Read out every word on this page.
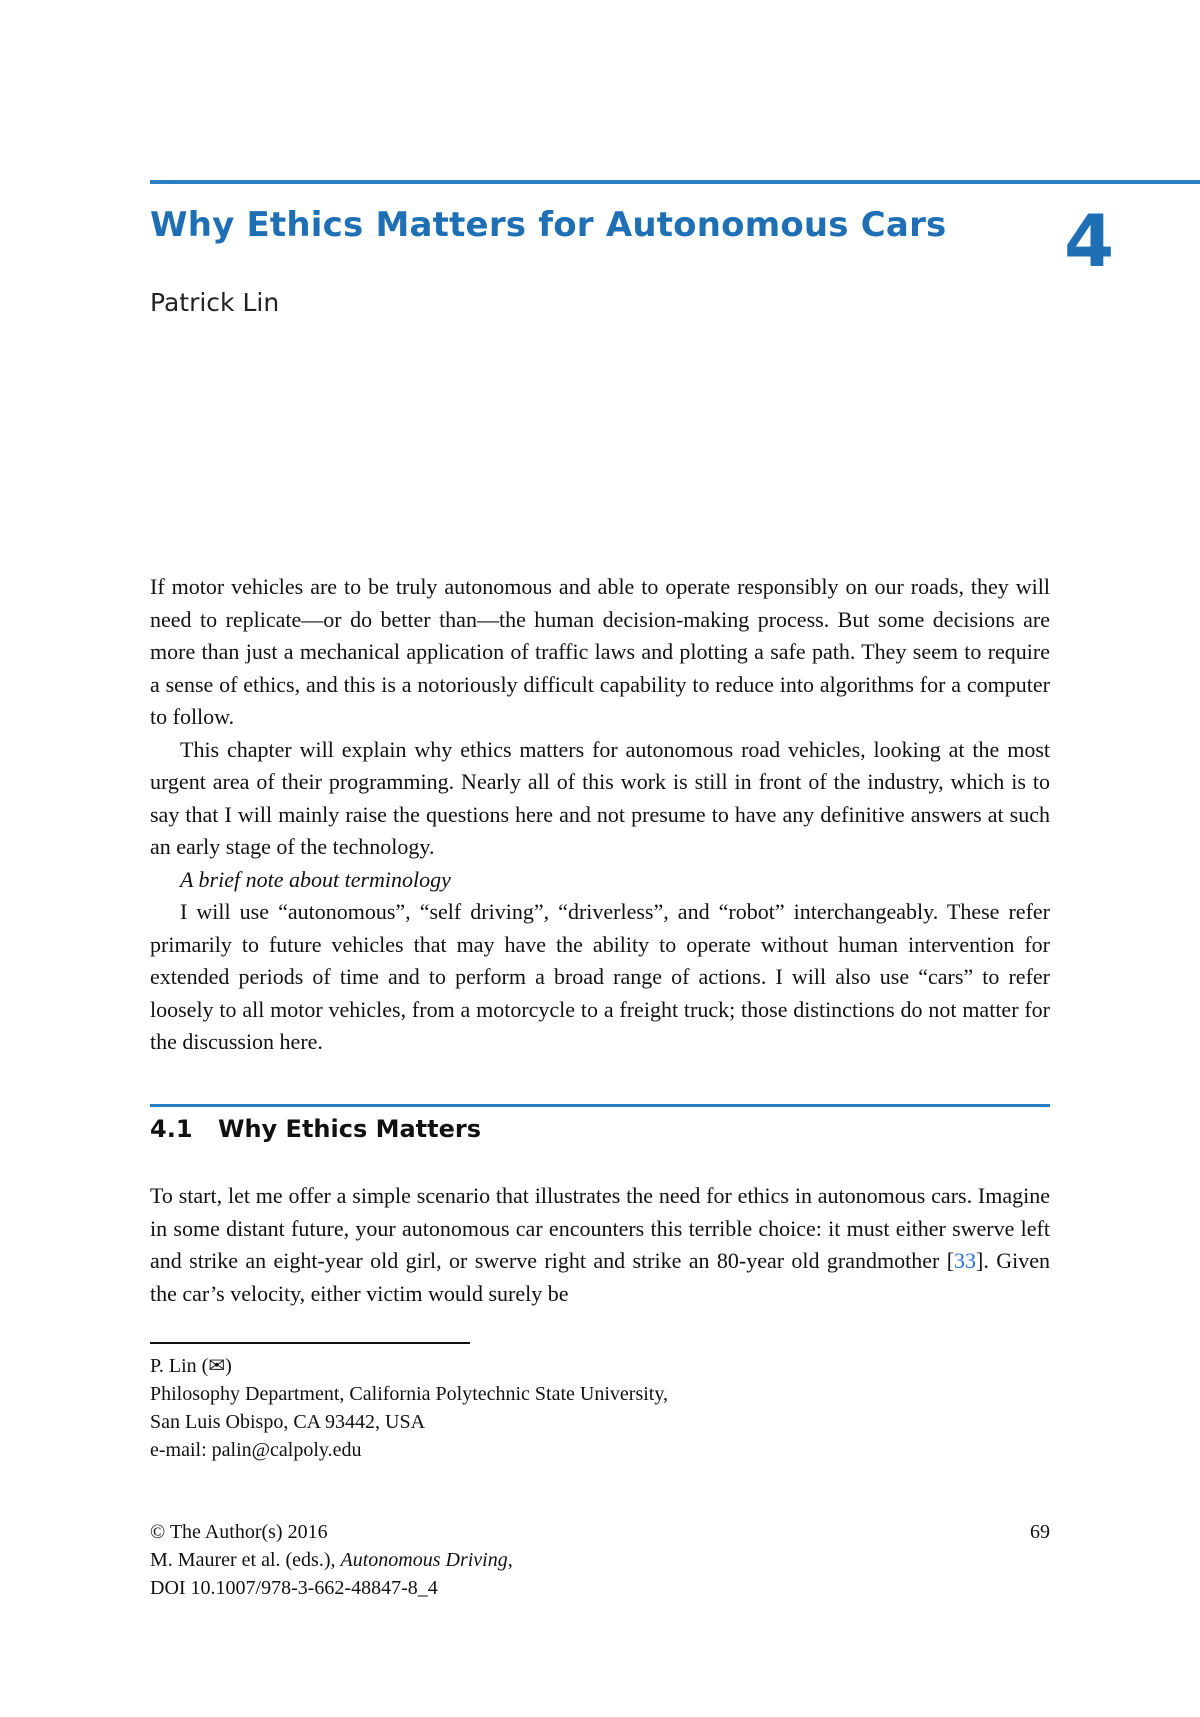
Why Ethics Matters for Autonomous Cars 4
Patrick Lin

If motor vehicles are to be truly autonomous and able to operate responsibly on our roads, they will need to replicate—or do better than—the human decision-making process. But some decisions are more than just a mechanical application of traffic laws and plotting a safe path. They seem to require a sense of ethics, and this is a notoriously difficult capability to reduce into algorithms for a computer to follow.

This chapter will explain why ethics matters for autonomous road vehicles, looking at the most urgent area of their programming. Nearly all of this work is still in front of the industry, which is to say that I will mainly raise the questions here and not presume to have any definitive answers at such an early stage of the technology.

A brief note about terminology

I will use “autonomous”, “self driving”, “driverless”, and “robot” interchangeably. These refer primarily to future vehicles that may have the ability to operate without human intervention for extended periods of time and to perform a broad range of actions. I will also use “cars” to refer loosely to all motor vehicles, from a motorcycle to a freight truck; those distinctions do not matter for the discussion here.

4.1 Why Ethics Matters

To start, let me offer a simple scenario that illustrates the need for ethics in autonomous cars. Imagine in some distant future, your autonomous car encounters this terrible choice: it must either swerve left and strike an eight-year old girl, or swerve right and strike an 80-year old grandmother [33]. Given the car’s velocity, either victim would surely be

P. Lin (✉)
Philosophy Department, California Polytechnic State University,
San Luis Obispo, CA 93442, USA
e-mail: palin@calpoly.edu
© The Author(s) 2016
M. Maurer et al. (eds.), Autonomous Driving,
DOI 10.1007/978-3-662-48847-8_4
69
